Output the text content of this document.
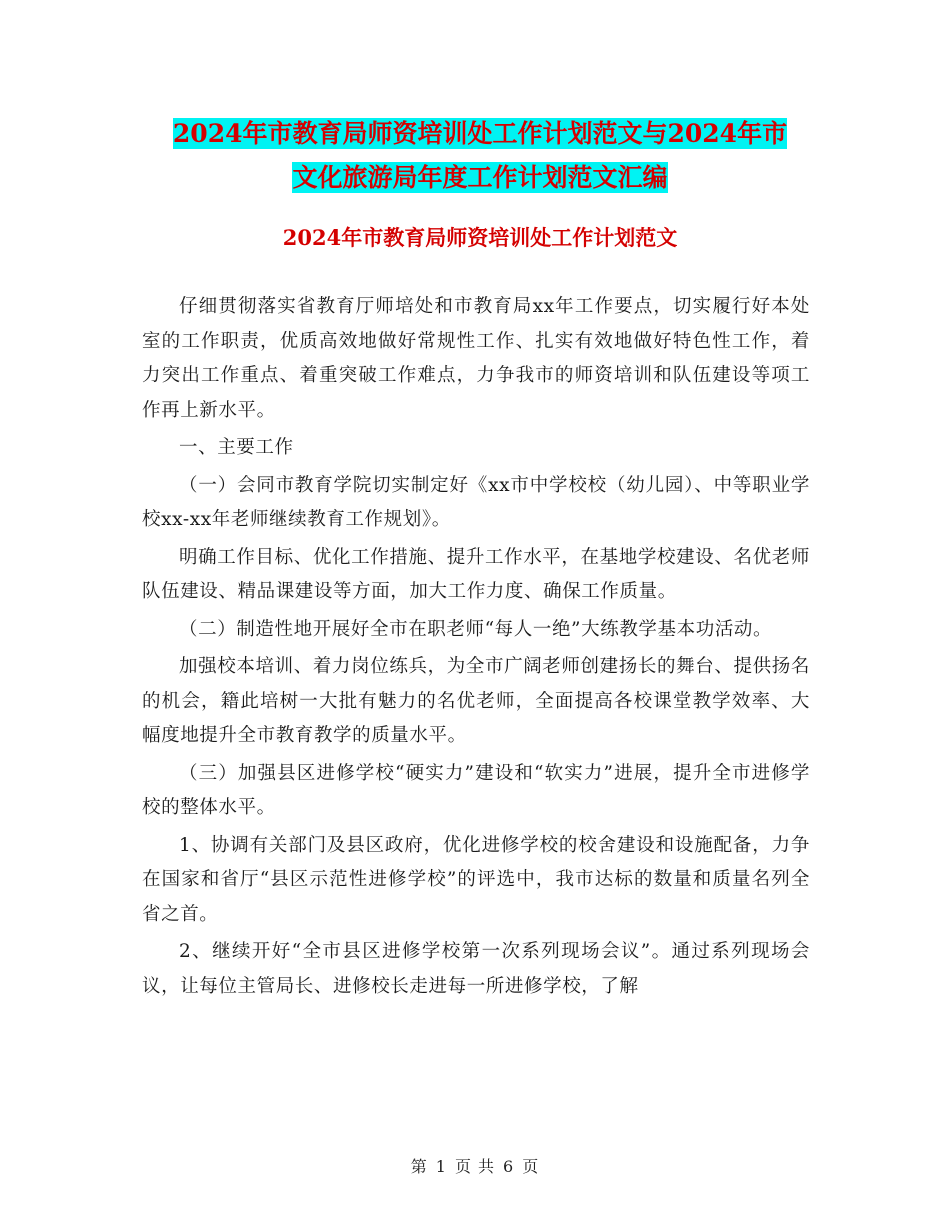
2024年市教育局师资培训处工作计划范文与2024年市
文化旅游局年度工作计划范文汇编
2024年市教育局师资培训处工作计划范文

仔细贯彻落实省教育厅师培处和市教育局xx年工作要点，切实履行好本处室的工作职责，优质高效地做好常规性工作、扎实有效地做好特色性工作，着力突出工作重点、着重突破工作难点，力争我市的师资培训和队伍建设等项工作再上新水平。

一、主要工作

（一）会同市教育学院切实制定好《xx市中学校校（幼儿园）、中等职业学校xx-xx年老师继续教育工作规划》。

明确工作目标、优化工作措施、提升工作水平，在基地学校建设、名优老师队伍建设、精品课建设等方面，加大工作力度、确保工作质量。

（二）制造性地开展好全市在职老师“每人一绝”大练教学基本功活动。

加强校本培训、着力岗位练兵，为全市广阔老师创建扬长的舞台、提供扬名的机会，籍此培树一大批有魅力的名优老师，全面提高各校课堂教学效率、大幅度地提升全市教育教学的质量水平。

（三）加强县区进修学校“硬实力”建设和“软实力”进展，提升全市进修学校的整体水平。

1、协调有关部门及县区政府，优化进修学校的校舍建设和设施配备，力争在国家和省厅“县区示范性进修学校”的评选中，我市达标的数量和质量名列全省之首。

2、继续开好“全市县区进修学校第一次系列现场会议”。通过系列现场会议，让每位主管局长、进修校长走进每一所进修学校，了解

第 1 页 共 6 页
